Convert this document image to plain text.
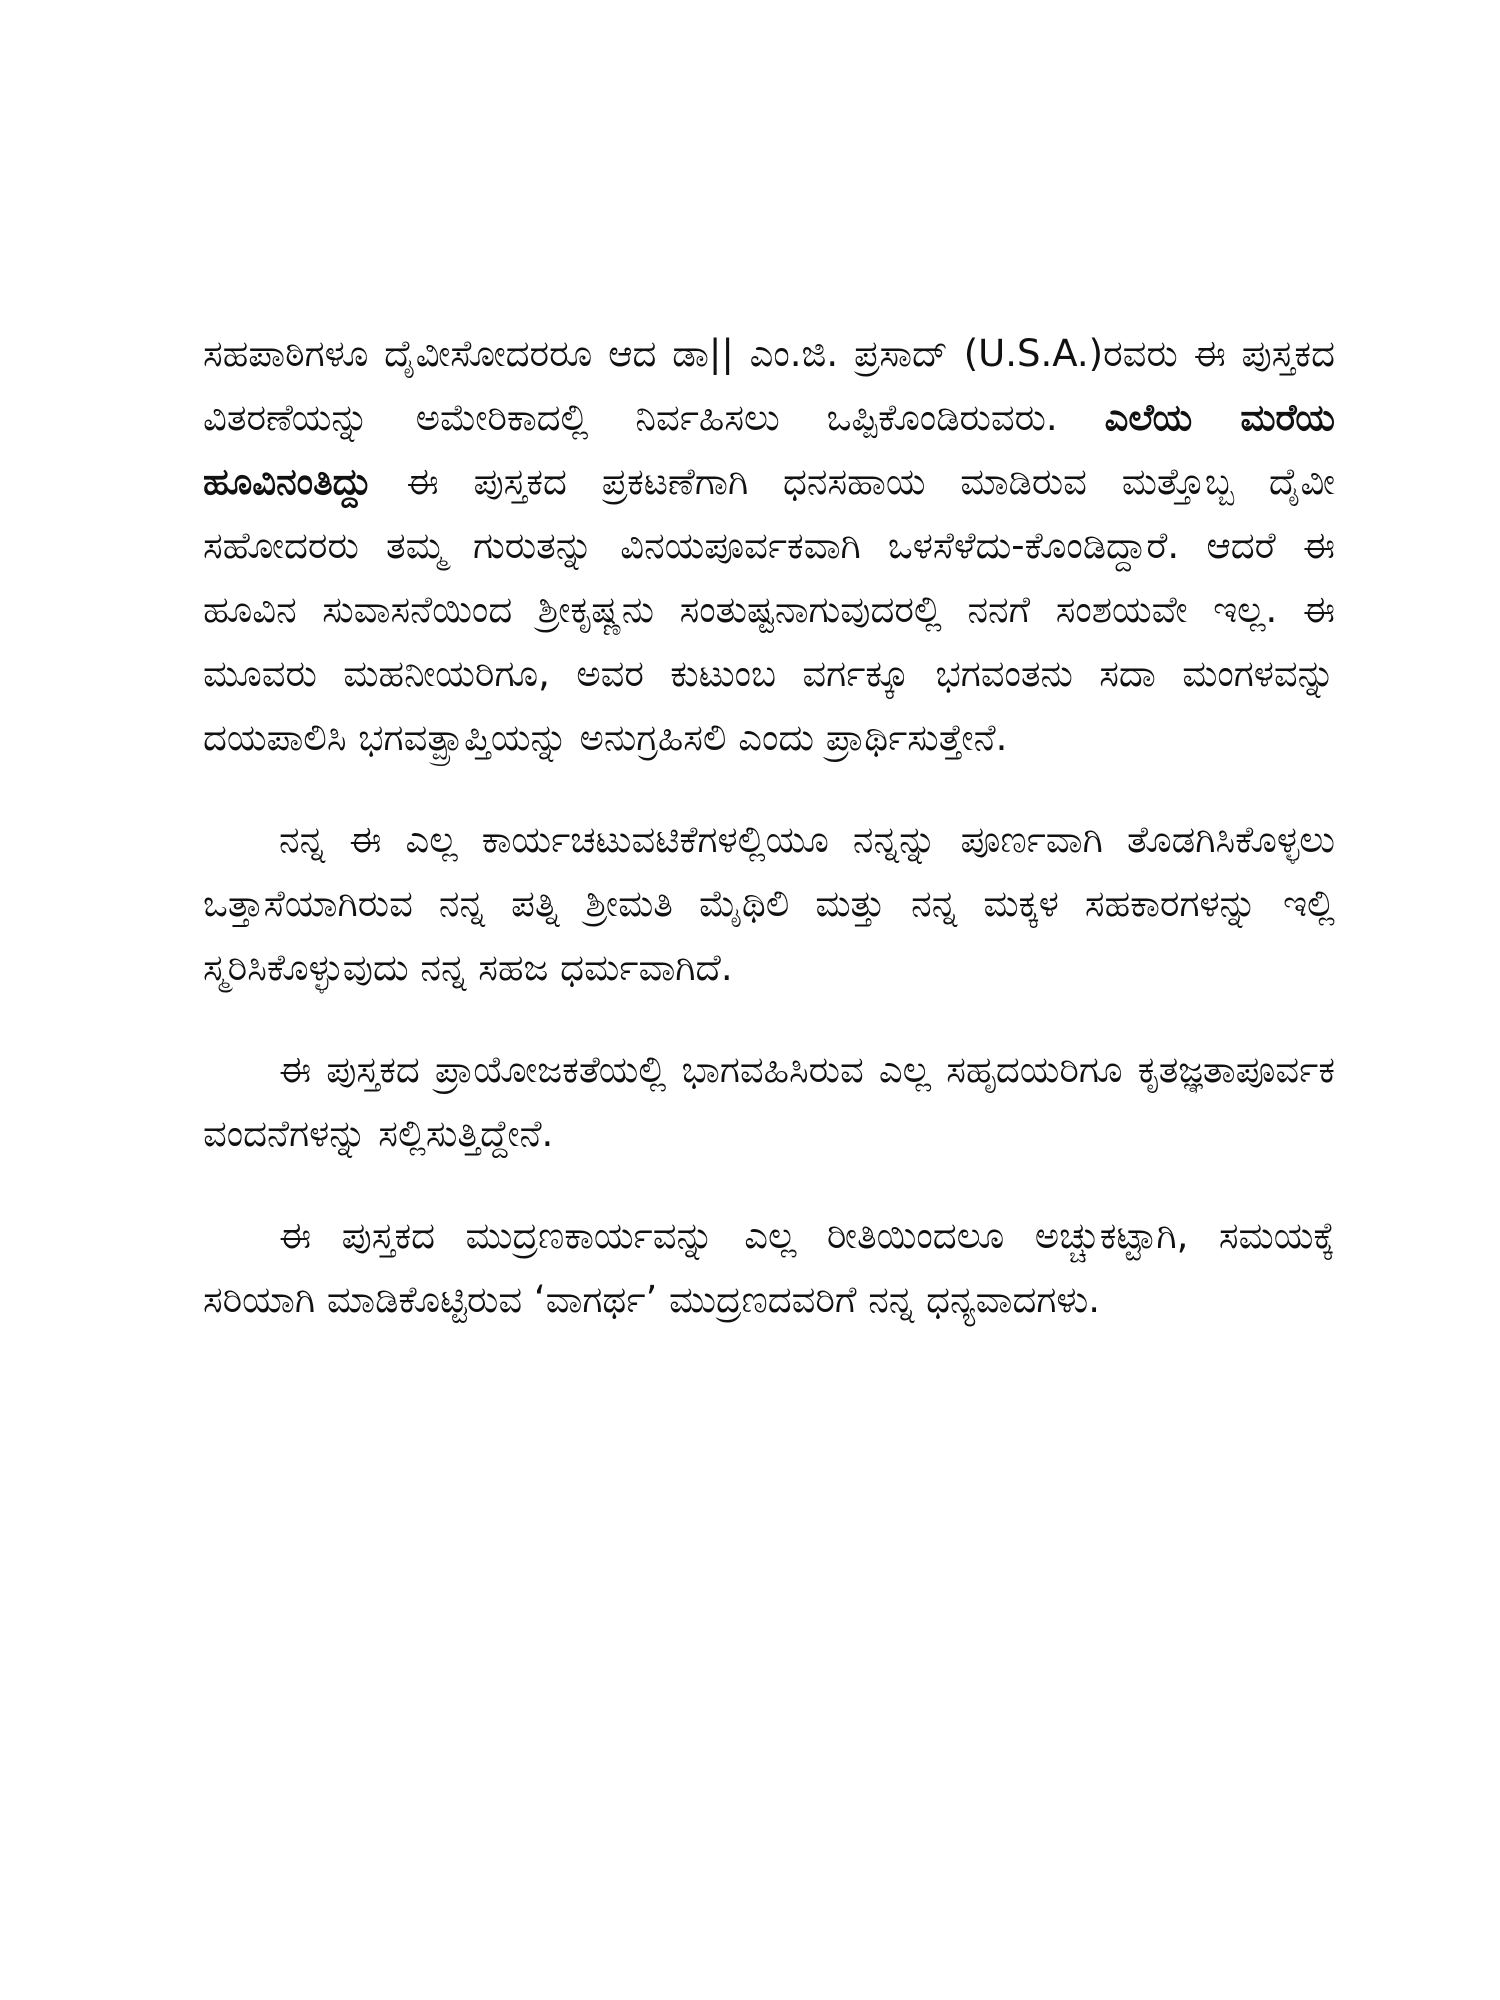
ಸಹಪಾಠಿಗಳೂ ದೈವೀಸೋದರರೂ ಆದ ಡಾ|| ಎಂ.ಜಿ. ಪ್ರಸಾದ್ (U.S.A.)ರವರು ಈ ಪುಸ್ತಕದ ವಿತರಣೆಯನ್ನು ಅಮೇರಿಕಾದಲ್ಲಿ ನಿರ್ವಹಿಸಲು ಒಪ್ಪಿಕೊಂಡಿರುವರು. ಎಲೆಯ ಮರೆಯ ಹೂವಿನಂತಿದ್ದು ಈ ಪುಸ್ತಕದ ಪ್ರಕಟಣೆಗಾಗಿ ಧನಸಹಾಯ ಮಾಡಿರುವ ಮತ್ತೊಬ್ಬ ದೈವೀ ಸಹೋದರರು ತಮ್ಮ ಗುರುತನ್ನು ವಿನಯಪೂರ್ವಕವಾಗಿ ಒಳಸೆಳೆದು-ಕೊಂಡಿದ್ದಾರೆ. ಆದರೆ ಈ ಹೂವಿನ ಸುವಾಸನೆಯಿಂದ ಶ್ರೀಕೃಷ್ಣನು ಸಂತುಷ್ಟನಾಗುವುದರಲ್ಲಿ ನನಗೆ ಸಂಶಯವೇ ಇಲ್ಲ. ಈ ಮೂವರು ಮಹನೀಯರಿಗೂ, ಅವರ ಕುಟುಂಬ ವರ್ಗಕ್ಕೂ ಭಗವಂತನು ಸದಾ ಮಂಗಳವನ್ನು ದಯಪಾಲಿಸಿ ಭಗವತ್ಪ್ರಾಪ್ತಿಯನ್ನು ಅನುಗ್ರಹಿಸಲಿ ಎಂದು ಪ್ರಾರ್ಥಿಸುತ್ತೇನೆ.

ನನ್ನ ಈ ಎಲ್ಲ ಕಾರ್ಯಚಟುವಟಿಕೆಗಳಲ್ಲಿಯೂ ನನ್ನನ್ನು ಪೂರ್ಣವಾಗಿ ತೊಡಗಿಸಿಕೊಳ್ಳಲು ಒತ್ತಾಸೆಯಾಗಿರುವ ನನ್ನ ಪತ್ನಿ ಶ್ರೀಮತಿ ಮೈಥಿಲಿ ಮತ್ತು ನನ್ನ ಮಕ್ಕಳ ಸಹಕಾರಗಳನ್ನು ಇಲ್ಲಿ ಸ್ಮರಿಸಿಕೊಳ್ಳುವುದು ನನ್ನ ಸಹಜ ಧರ್ಮವಾಗಿದೆ.

ಈ ಪುಸ್ತಕದ ಪ್ರಾಯೋಜಕತೆಯಲ್ಲಿ ಭಾಗವಹಿಸಿರುವ ಎಲ್ಲ ಸಹೃದಯರಿಗೂ ಕೃತಜ್ಞತಾಪೂರ್ವಕ ವಂದನೆಗಳನ್ನು ಸಲ್ಲಿಸುತ್ತಿದ್ದೇನೆ.

ಈ ಪುಸ್ತಕದ ಮುದ್ರಣಕಾರ್ಯವನ್ನು ಎಲ್ಲ ರೀತಿಯಿಂದಲೂ ಅಚ್ಚುಕಟ್ಟಾಗಿ, ಸಮಯಕ್ಕೆ ಸರಿಯಾಗಿ ಮಾಡಿಕೊಟ್ಟಿರುವ ‘ವಾಗರ್ಥ’ ಮುದ್ರಣದವರಿಗೆ ನನ್ನ ಧನ್ಯವಾದಗಳು.
